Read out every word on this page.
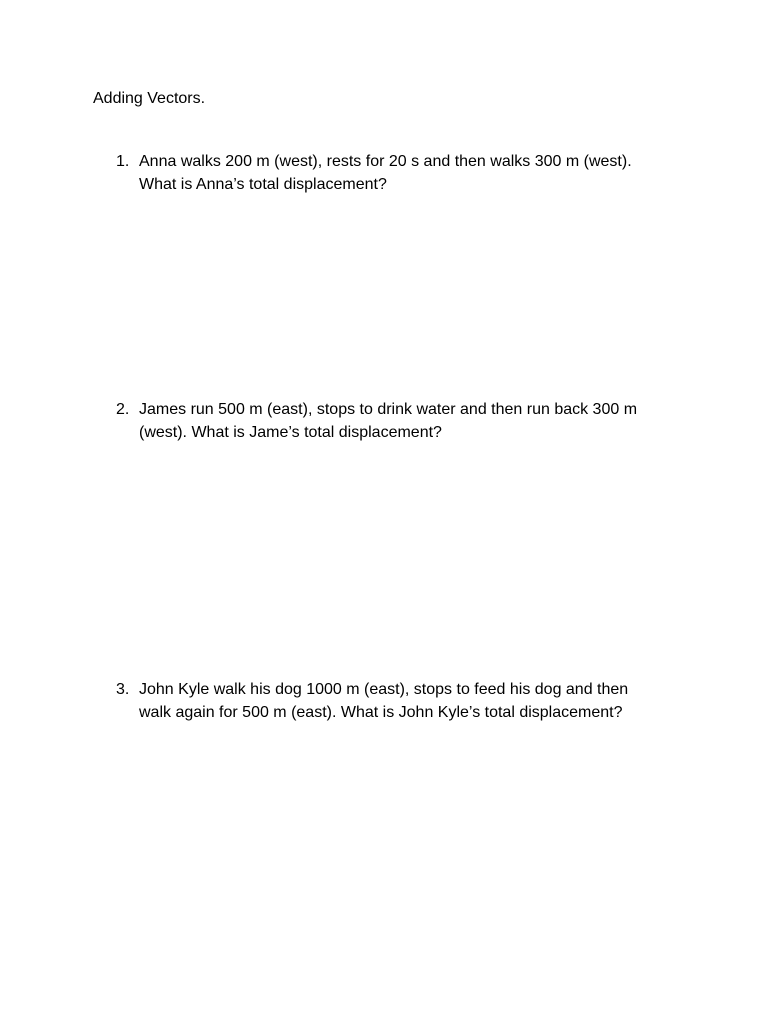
Adding Vectors.

1. Anna walks 200 m (west), rests for 20 s and then walks 300 m (west).
What is Anna’s total displacement?
2. James run 500 m (east), stops to drink water and then run back 300 m
(west). What is Jame’s total displacement?
3. John Kyle walk his dog 1000 m (east), stops to feed his dog and then
walk again for 500 m (east). What is John Kyle’s total displacement?
